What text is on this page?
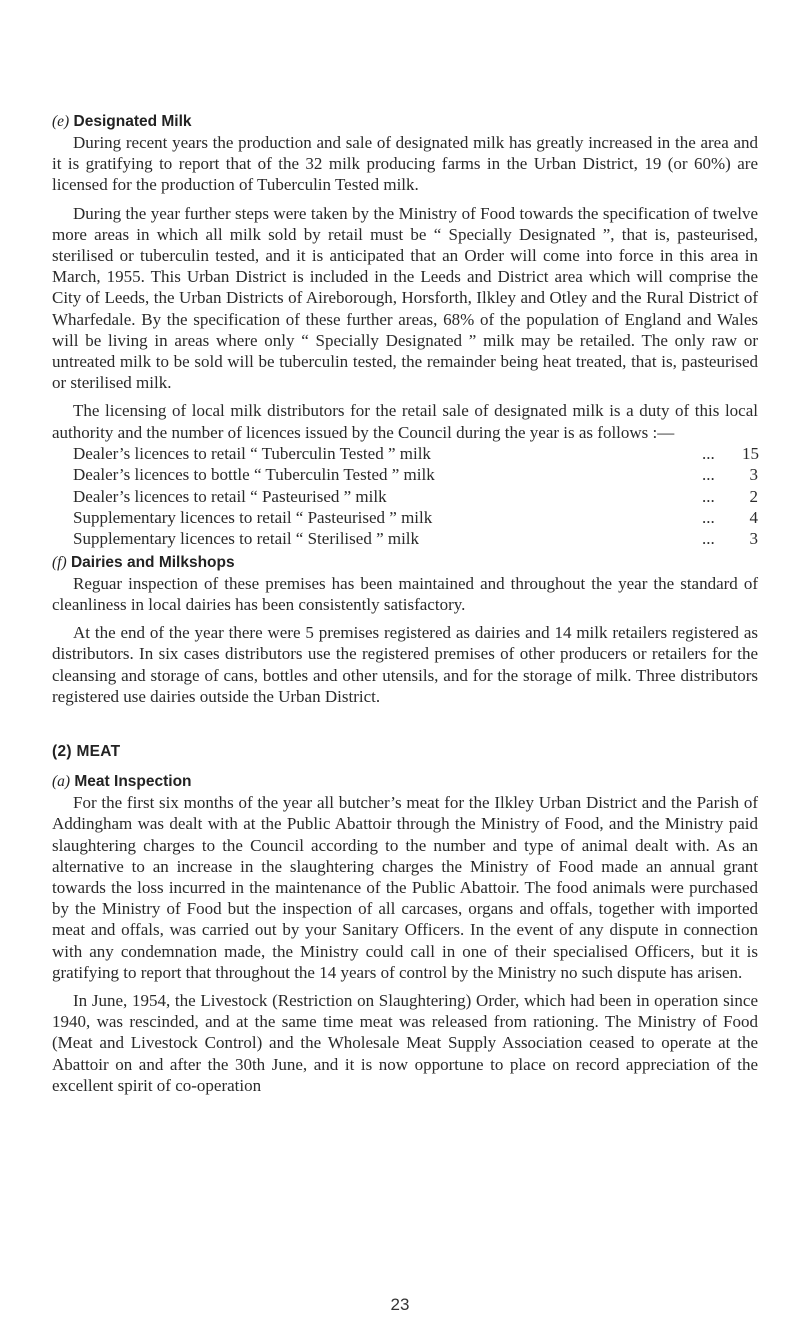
(e) Designated Milk

During recent years the production and sale of designated milk has greatly increased in the area and it is gratifying to report that of the 32 milk producing farms in the Urban District, 19 (or 60%) are licensed for the production of Tuberculin Tested milk.

During the year further steps were taken by the Ministry of Food towards the specification of twelve more areas in which all milk sold by retail must be “ Specially Designated ”, that is, pasteurised, sterilised or tuberculin tested, and it is anticipated that an Order will come into force in this area in March, 1955. This Urban District is included in the Leeds and District area which will comprise the City of Leeds, the Urban Districts of Aireborough, Horsforth, Ilkley and Otley and the Rural District of Wharfedale. By the specification of these further areas, 68% of the population of England and Wales will be living in areas where only “ Specially Designated ” milk may be retailed. The only raw or untreated milk to be sold will be tuberculin tested, the remainder being heat treated, that is, pasteurised or sterilised milk.

The licensing of local milk distributors for the retail sale of designated milk is a duty of this local authority and the number of licences issued by the Council during the year is as follows :—

Dealer’s licences to retail “ Tuberculin Tested ” milk	...	15
Dealer’s licences to bottle “ Tuberculin Tested ” milk	...	3
Dealer’s licences to retail “ Pasteurised ” milk	...	2
Supplementary licences to retail “ Pasteurised ” milk	...	4
Supplementary licences to retail “ Sterilised ” milk	...	3
(f) Dairies and Milkshops

Reguar inspection of these premises has been maintained and throughout the year the standard of cleanliness in local dairies has been consistently satisfactory.

At the end of the year there were 5 premises registered as dairies and 14 milk retailers registered as distributors. In six cases distributors use the registered premises of other producers or retailers for the cleansing and storage of cans, bottles and other utensils, and for the storage of milk. Three distributors registered use dairies outside the Urban District.

(2) MEAT
(a) Meat Inspection

For the first six months of the year all butcher’s meat for the Ilkley Urban District and the Parish of Addingham was dealt with at the Public Abattoir through the Ministry of Food, and the Ministry paid slaughtering charges to the Council according to the number and type of animal dealt with. As an alternative to an increase in the slaughtering charges the Ministry of Food made an annual grant towards the loss incurred in the maintenance of the Public Abattoir. The food animals were purchased by the Ministry of Food but the inspection of all carcases, organs and offals, together with imported meat and offals, was carried out by your Sanitary Officers. In the event of any dispute in connection with any condemnation made, the Ministry could call in one of their specialised Officers, but it is gratifying to report that throughout the 14 years of control by the Ministry no such dispute has arisen.

In June, 1954, the Livestock (Restriction on Slaughtering) Order, which had been in operation since 1940, was rescinded, and at the same time meat was released from rationing. The Ministry of Food (Meat and Livestock Control) and the Wholesale Meat Supply Association ceased to operate at the Abattoir on and after the 30th June, and it is now opportune to place on record appreciation of the excellent spirit of co-operation

23
